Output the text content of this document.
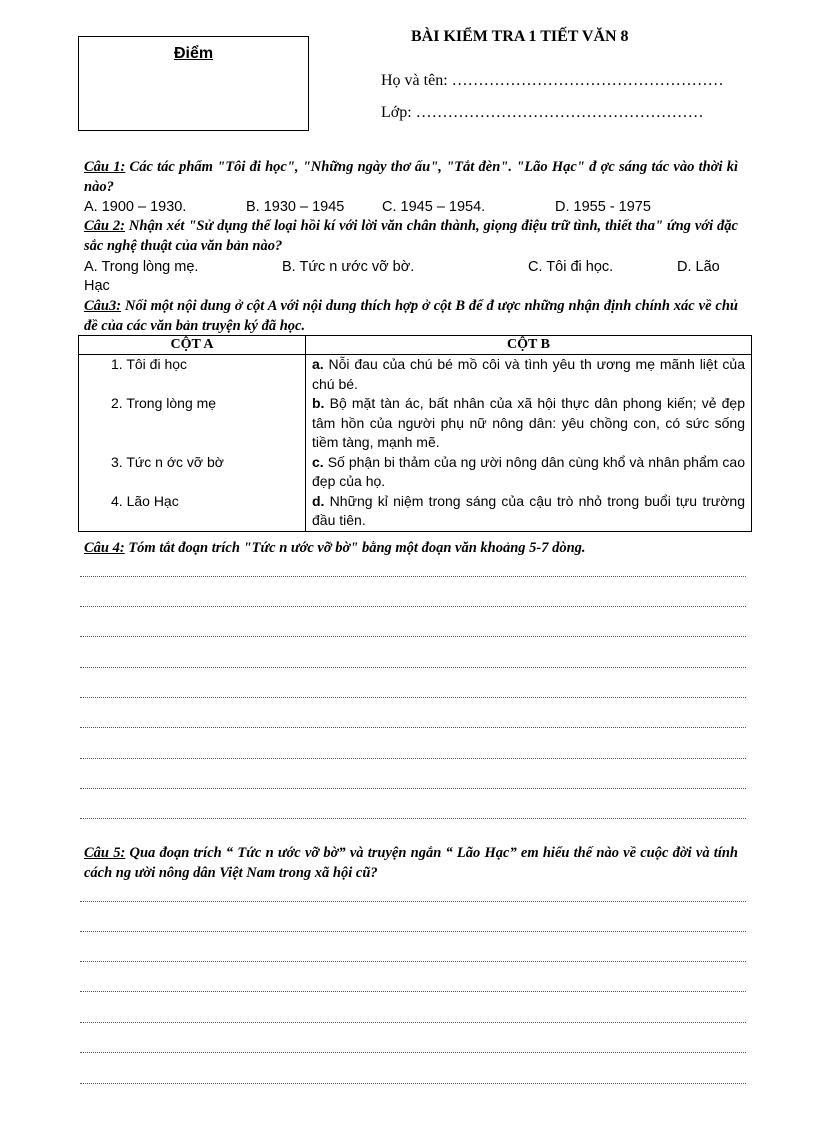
Điểm
BÀI KIỂM TRA 1 TIẾT VĂN 8
Họ và tên: ……………………………………………
Lớp: ………………………………………………
Câu 1: Các tác phẩm "Tôi đi học", "Những ngày thơ ấu", "Tắt đèn". "Lão Hạc" đ ợc sáng tác vào thời kì nào?
A. 1900 – 1930.	B. 1930 – 1945	C. 1945 – 1954.	D. 1955 - 1975
Câu 2: Nhận xét "Sử dụng thể loại hồi kí với lời văn chân thành, giọng điệu trữ tình, thiết tha" ứng với đặc sắc nghệ thuật của văn bản nào?
A. Trong lòng mẹ.	B. Tức n ước vỡ bờ.	C. Tôi đi học.	D. Lão
Hạc
Câu3: Nối một nội dung ở cột A với nội dung thích hợp ở cột B để đ ược những nhận định chính xác về chủ đề của các văn bản truyện ký đã học.
CỘT A	CỘT B
1. Tôi đi học	a. Nỗi đau của chú bé mồ côi và tình yêu th ương mẹ mãnh liệt của chú bé.
2. Trong lòng mẹ	b. Bộ mặt tàn ác, bất nhân của xã hội thực dân phong kiến; vẻ đẹp tâm hồn của người phụ nữ nông dân: yêu chồng con, có sức sống tiềm tàng, mạnh mẽ.
3. Tức n ớc vỡ bờ	c. Số phận bi thảm của ng ười nông dân cùng khổ và nhân phẩm cao đẹp của họ.
4. Lão Hạc	d. Những kỉ niệm trong sáng của cậu trò nhỏ trong buổi tựu trường đầu tiên.
Câu 4: Tóm tắt đoạn trích "Tức n ước vỡ bờ" bằng một đoạn văn khoảng 5-7 dòng.
Câu 5: Qua đoạn trích “ Tức n ước vỡ bờ” và truyện ngắn “ Lão Hạc” em hiểu thế nào về cuộc đời và tính cách ng ười nông dân Việt Nam trong xã hội cũ?
